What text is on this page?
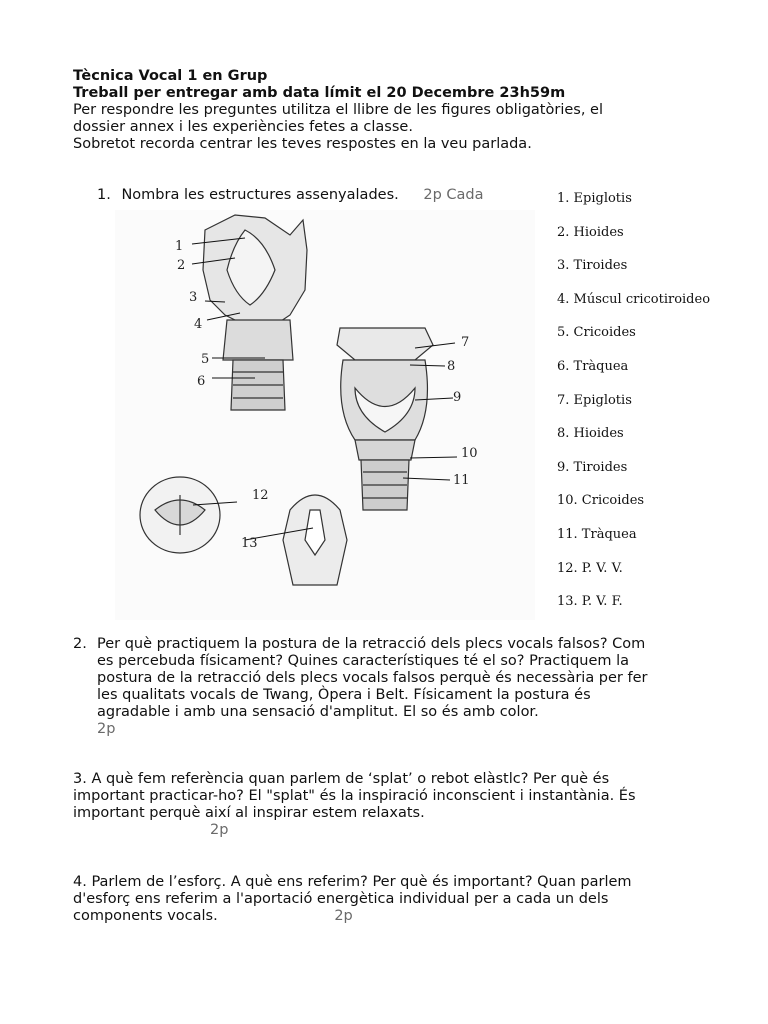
Tècnica Vocal 1 en Grup
Treball per entregar amb data límit el 20 Decembre 23h59m
Per respondre les preguntes utilitza el llibre de les figures obligatòries, el
dossier annex i les experiències fetes a classe.
Sobretot recorda centrar les teves respostes en la veu parlada.
1. Nombra les estructures assenyalades. 2p Cada	1. Epiglotis
2. Hioides
3. Tiroides
4. Múscul cricotiroideo
5. Cricoides
6. Tràquea
7. Epiglotis
8. Hioides
9. Tiroides
10. Cricoides
11. Tràquea
12. P. V. V.
13. P. V. F.
1
2
3
4
5
6
7
8
9
10
11
12
13
2. Per què practiquem la postura de la retracció dels plecs vocals falsos? Com
es percebuda físicament? Quines característiques té el so? Practiquem la
postura de la retracció dels plecs vocals falsos perquè és necessària per fer
les qualitats vocals de Twang, Òpera i Belt. Físicament la postura és
agradable i amb una sensació d'amplitut. El so és amb color.
2p
3. A què fem referència quan parlem de ‘splat’ o rebot elàstlc? Per què és
important practicar-ho? El "splat" és la inspiració inconscient i instantània. És
important perquè així al inspirar estem relaxats.
2p
4. Parlem de l’esforç. A què ens referim? Per què és important? Quan parlem
d'esforç ens referim a l'aportació energètica individual per a cada un dels
components vocals.	2p
